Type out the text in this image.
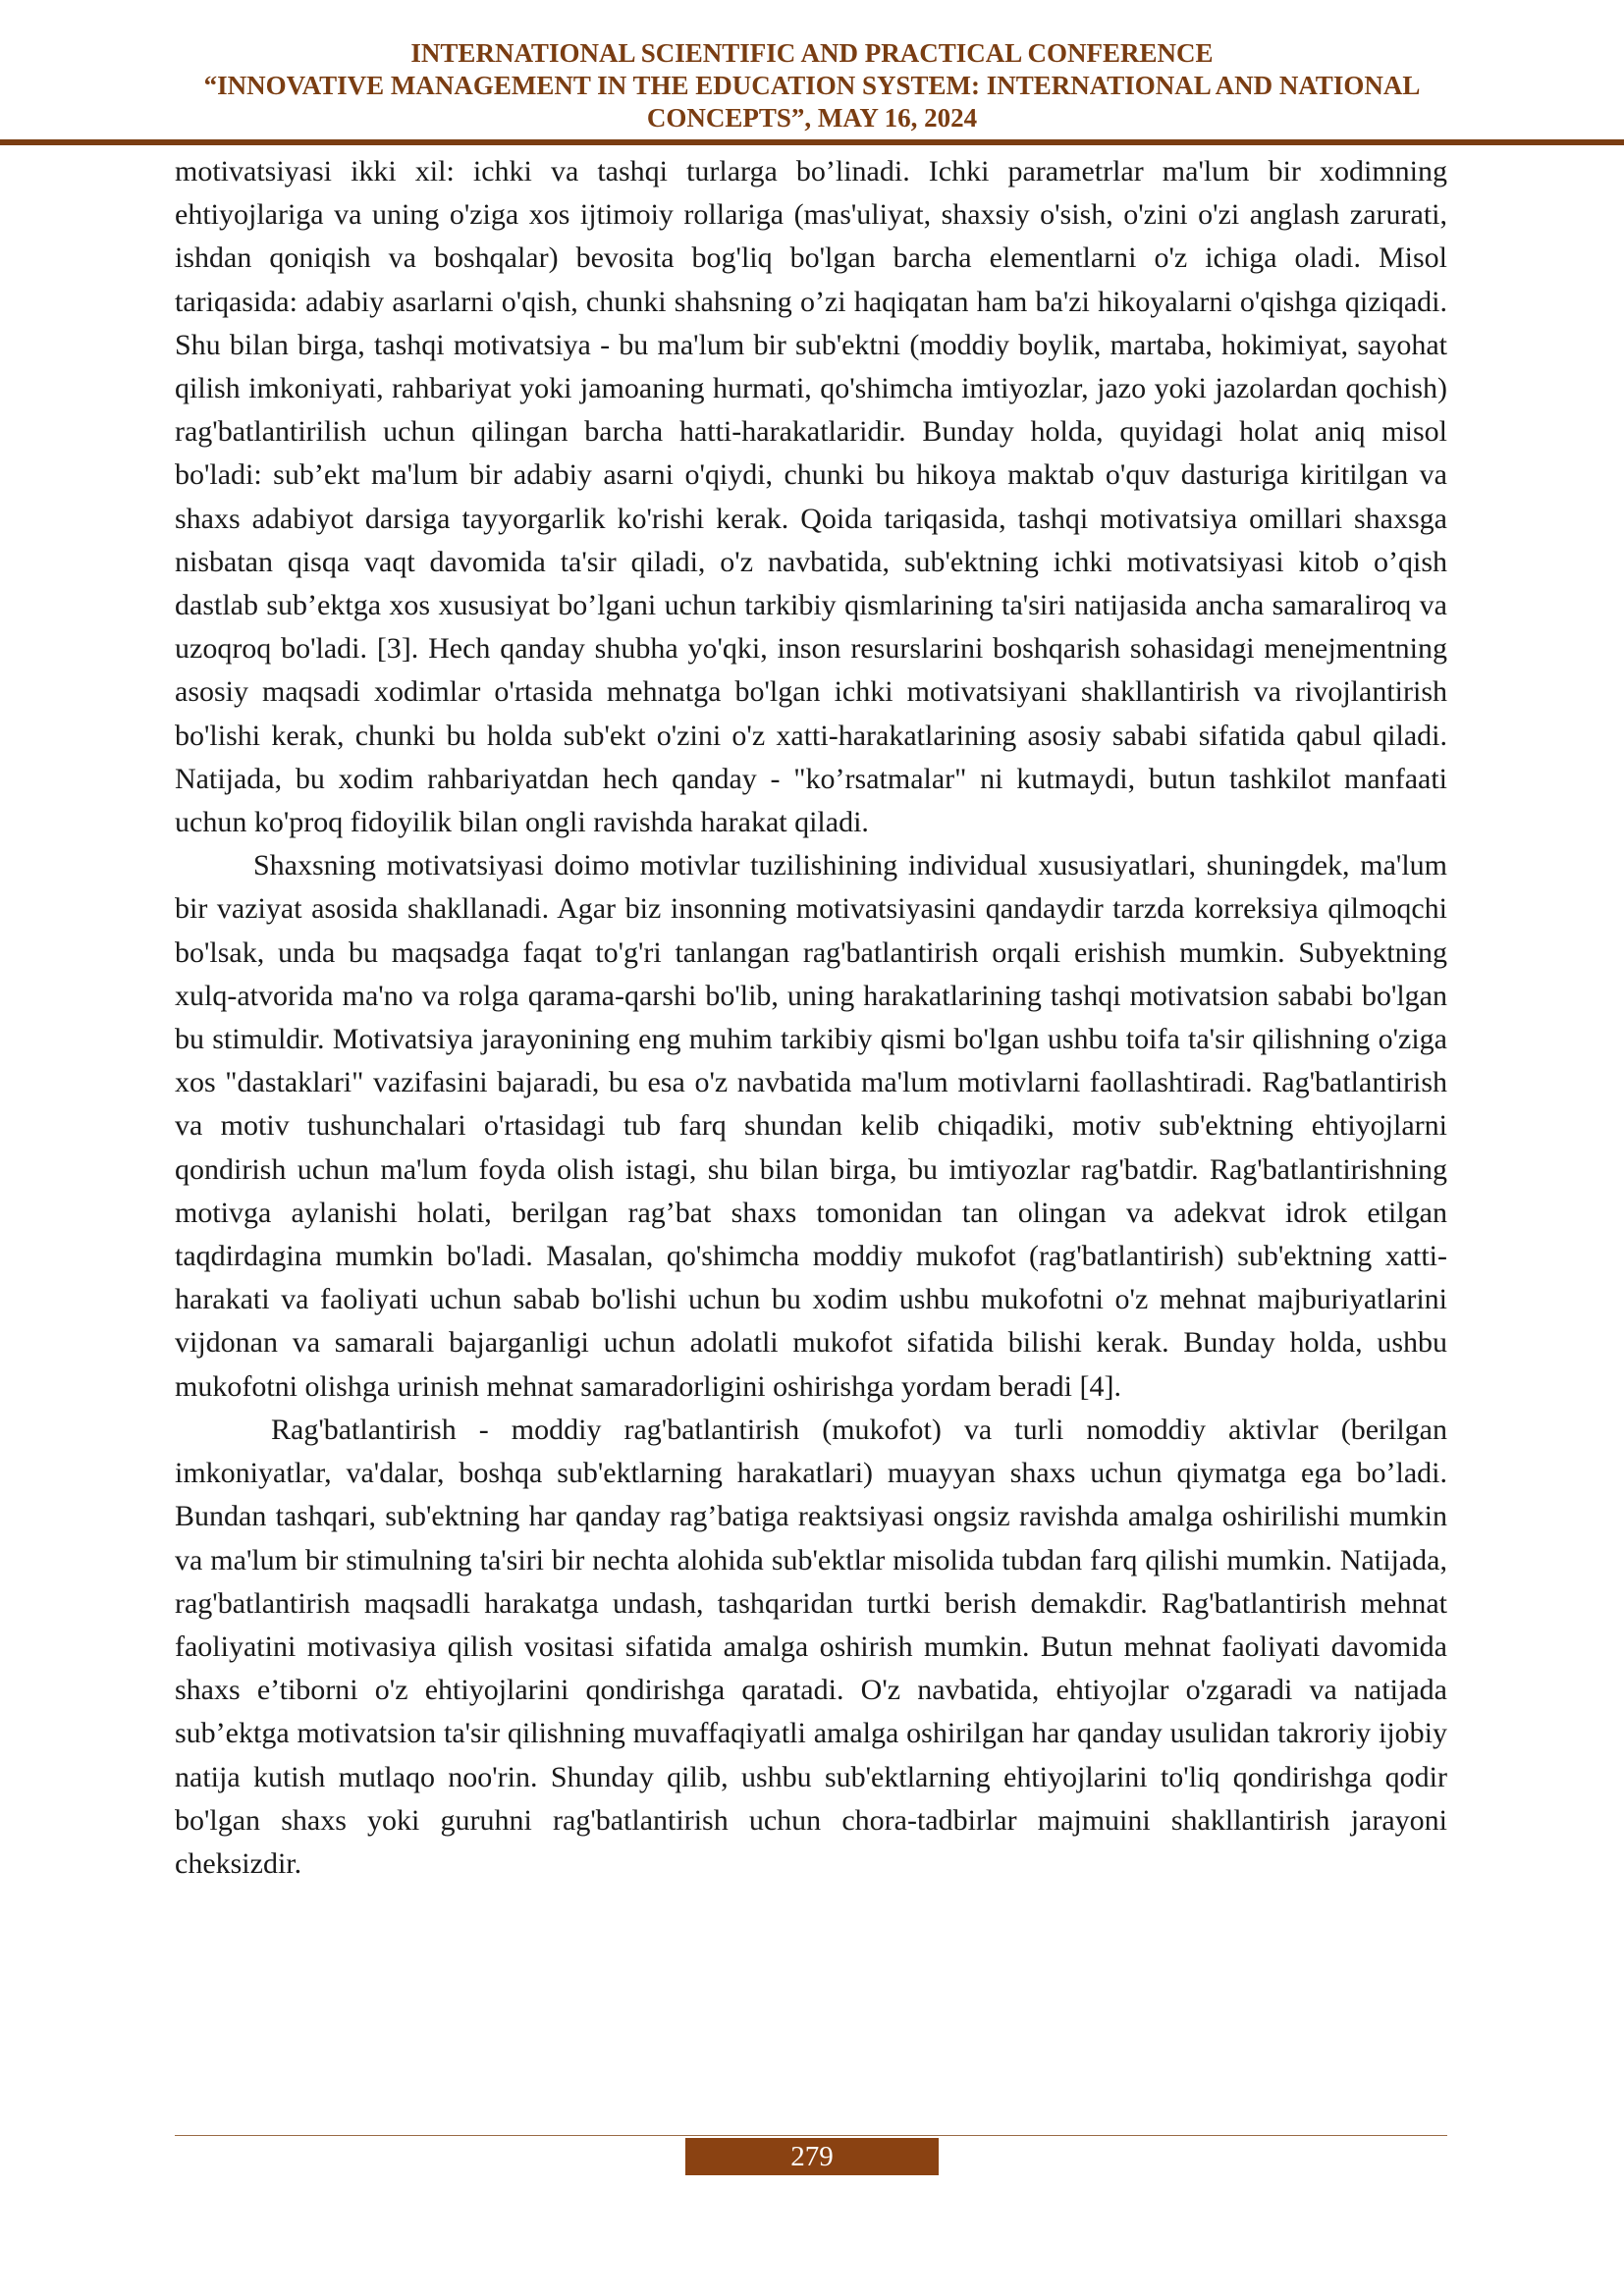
INTERNATIONAL SCIENTIFIC AND PRACTICAL CONFERENCE
“INNOVATIVE MANAGEMENT IN THE EDUCATION SYSTEM: INTERNATIONAL AND NATIONAL
CONCEPTS”, MAY 16, 2024

motivatsiyasi ikki xil: ichki va tashqi turlarga bo’linadi. Ichki parametrlar ma'lum bir xodimning ehtiyojlariga va uning o'ziga xos ijtimoiy rollariga (mas'uliyat, shaxsiy o'sish, o'zini o'zi anglash zarurati, ishdan qoniqish va boshqalar) bevosita bog'liq bo'lgan barcha elementlarni o'z ichiga oladi. Misol tariqasida: adabiy asarlarni o'qish, chunki shahsning o’zi haqiqatan ham ba'zi hikoyalarni o'qishga qiziqadi. Shu bilan birga, tashqi motivatsiya - bu ma'lum bir sub'ektni (moddiy boylik, martaba, hokimiyat, sayohat qilish imkoniyati, rahbariyat yoki jamoaning hurmati, qo'shimcha imtiyozlar, jazo yoki jazolardan qochish) rag'batlantirilish uchun qilingan barcha hatti-harakatlaridir. Bunday holda, quyidagi holat aniq misol bo'ladi: sub’ekt ma'lum bir adabiy asarni o'qiydi, chunki bu hikoya maktab o'quv dasturiga kiritilgan va shaxs adabiyot darsiga tayyorgarlik ko'rishi kerak. Qoida tariqasida, tashqi motivatsiya omillari shaxsga nisbatan qisqa vaqt davomida ta'sir qiladi, o'z navbatida, sub'ektning ichki motivatsiyasi kitob o’qish dastlab sub’ektga xos xususiyat bo’lgani uchun tarkibiy qismlarining ta'siri natijasida ancha samaraliroq va uzoqroq bo'ladi. [3]. Hech qanday shubha yo'qki, inson resurslarini boshqarish sohasidagi menejmentning asosiy maqsadi xodimlar o'rtasida mehnatga bo'lgan ichki motivatsiyani shakllantirish va rivojlantirish bo'lishi kerak, chunki bu holda sub'ekt o'zini o'z xatti-harakatlarining asosiy sababi sifatida qabul qiladi. Natijada, bu xodim rahbariyatdan hech qanday - "ko’rsatmalar" ni kutmaydi, butun tashkilot manfaati uchun ko'proq fidoyilik bilan ongli ravishda harakat qiladi.

Shaxsning motivatsiyasi doimo motivlar tuzilishining individual xususiyatlari, shuningdek, ma'lum bir vaziyat asosida shakllanadi. Agar biz insonning motivatsiyasini qandaydir tarzda korreksiya qilmoqchi bo'lsak, unda bu maqsadga faqat to'g'ri tanlangan rag'batlantirish orqali erishish mumkin. Subyektning xulq-atvorida ma'no va rolga qarama-qarshi bo'lib, uning harakatlarining tashqi motivatsion sababi bo'lgan bu stimuldir. Motivatsiya jarayonining eng muhim tarkibiy qismi bo'lgan ushbu toifa ta'sir qilishning o'ziga xos "dastaklari" vazifasini bajaradi, bu esa o'z navbatida ma'lum motivlarni faollashtiradi. Rag'batlantirish va motiv tushunchalari o'rtasidagi tub farq shundan kelib chiqadiki, motiv sub'ektning ehtiyojlarni qondirish uchun ma'lum foyda olish istagi, shu bilan birga, bu imtiyozlar rag'batdir. Rag'batlantirishning motivga aylanishi holati, berilgan rag’bat shaxs tomonidan tan olingan va adekvat idrok etilgan taqdirdagina mumkin bo'ladi. Masalan, qo'shimcha moddiy mukofot (rag'batlantirish) sub'ektning xatti-harakati va faoliyati uchun sabab bo'lishi uchun bu xodim ushbu mukofotni o'z mehnat majburiyatlarini vijdonan va samarali bajarganligi uchun adolatli mukofot sifatida bilishi kerak. Bunday holda, ushbu mukofotni olishga urinish mehnat samaradorligini oshirishga yordam beradi [4].

Rag'batlantirish - moddiy rag'batlantirish (mukofot) va turli nomoddiy aktivlar (berilgan imkoniyatlar, va'dalar, boshqa sub'ektlarning harakatlari) muayyan shaxs uchun qiymatga ega bo’ladi. Bundan tashqari, sub'ektning har qanday rag’batiga reaktsiyasi ongsiz ravishda amalga oshirilishi mumkin va ma'lum bir stimulning ta'siri bir nechta alohida sub'ektlar misolida tubdan farq qilishi mumkin. Natijada, rag'batlantirish maqsadli harakatga undash, tashqaridan turtki berish demakdir. Rag'batlantirish mehnat faoliyatini motivasiya qilish vositasi sifatida amalga oshirish mumkin. Butun mehnat faoliyati davomida shaxs e’tiborni o'z ehtiyojlarini qondirishga qaratadi. O'z navbatida, ehtiyojlar o'zgaradi va natijada sub’ektga motivatsion ta'sir qilishning muvaffaqiyatli amalga oshirilgan har qanday usulidan takroriy ijobiy natija kutish mutlaqo noo'rin. Shunday qilib, ushbu sub'ektlarning ehtiyojlarini to'liq qondirishga qodir bo'lgan shaxs yoki guruhni rag'batlantirish uchun chora-tadbirlar majmuini shakllantirish jarayoni cheksizdir.

279
